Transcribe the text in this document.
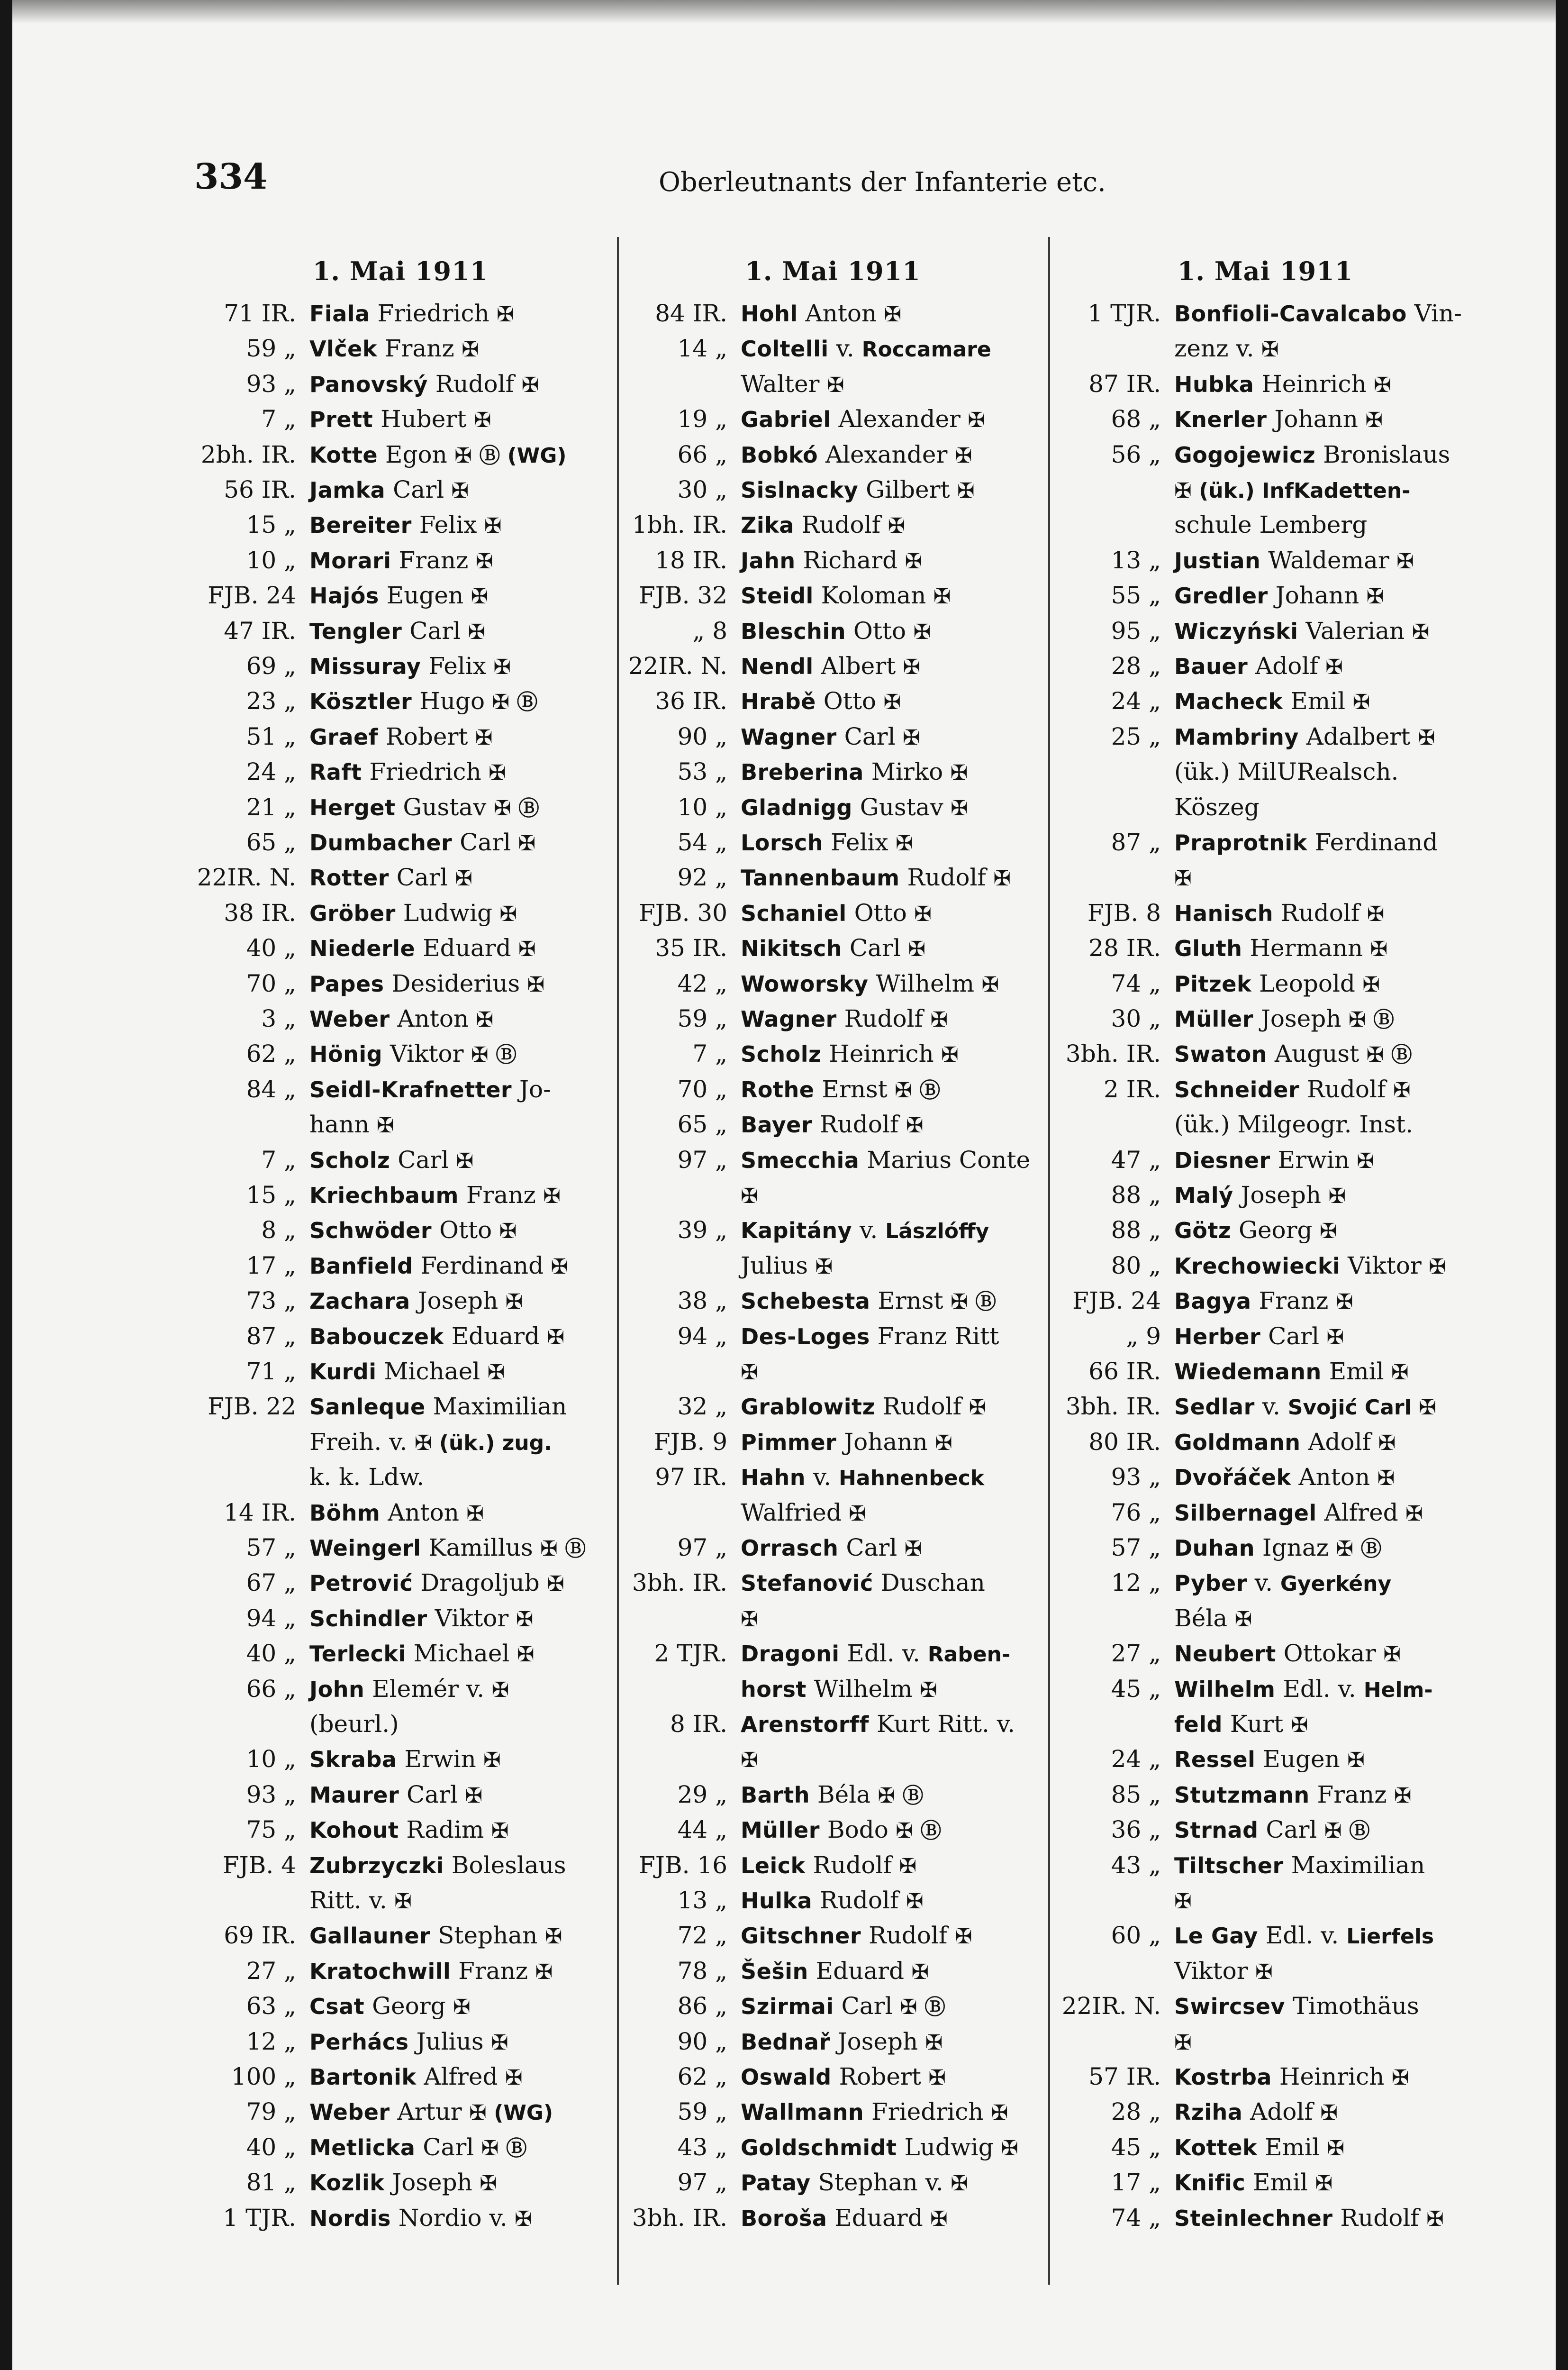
334	Oberleutnants der Infanterie etc.
1. Mai 1911
71 IR. Fiala Friedrich ✠
59 „ Vlček Franz ✠
93 „ Panovský Rudolf ✠
7 „ Prett Hubert ✠
2bh. IR. Kotte Egon ✠ Ⓑ (WG)
56 IR. Jamka Carl ✠
15 „ Bereiter Felix ✠
10 „ Morari Franz ✠
FJB. 24 Hajós Eugen ✠
47 IR. Tengler Carl ✠
69 „ Missuray Felix ✠
23 „ Kösztler Hugo ✠ Ⓑ
51 „ Graef Robert ✠
24 „ Raft Friedrich ✠
21 „ Herget Gustav ✠ Ⓑ
65 „ Dumbacher Carl ✠
22IR. N. Rotter Carl ✠
38 IR. Gröber Ludwig ✠
40 „ Niederle Eduard ✠
70 „ Papes Desiderius ✠
3 „ Weber Anton ✠
62 „ Hönig Viktor ✠ Ⓑ
84 „ Seidl-Krafnetter Jo-
hann ✠
7 „ Scholz Carl ✠
15 „ Kriechbaum Franz ✠
8 „ Schwöder Otto ✠
17 „ Banfield Ferdinand ✠
73 „ Zachara Joseph ✠
87 „ Babouczek Eduard ✠
71 „ Kurdi Michael ✠
FJB. 22 Sanleque Maximilian
Freih. v. ✠ (ük.) zug.
k. k. Ldw.
14 IR. Böhm Anton ✠
57 „ Weingerl Kamillus ✠ Ⓑ
67 „ Petrović Dragoljub ✠
94 „ Schindler Viktor ✠
40 „ Terlecki Michael ✠
66 „ John Elemér v. ✠
(beurl.)
10 „ Skraba Erwin ✠
93 „ Maurer Carl ✠
75 „ Kohout Radim ✠
FJB. 4 Zubrzyczki Boleslaus
Ritt. v. ✠
69 IR. Gallauner Stephan ✠
27 „ Kratochwill Franz ✠
63 „ Csat Georg ✠
12 „ Perhács Julius ✠
100 „ Bartonik Alfred ✠
79 „ Weber Artur ✠ (WG)
40 „ Metlicka Carl ✠ Ⓑ
81 „ Kozlik Joseph ✠
1 TJR. Nordis Nordio v. ✠
1. Mai 1911
84 IR. Hohl Anton ✠
14 „ Coltelli v. Roccamare
Walter ✠
19 „ Gabriel Alexander ✠
66 „ Bobkó Alexander ✠
30 „ Sislnacky Gilbert ✠
1bh. IR. Zika Rudolf ✠
18 IR. Jahn Richard ✠
FJB. 32 Steidl Koloman ✠
„ 8 Bleschin Otto ✠
22IR. N. Nendl Albert ✠
36 IR. Hrabě Otto ✠
90 „ Wagner Carl ✠
53 „ Breberina Mirko ✠
10 „ Gladnigg Gustav ✠
54 „ Lorsch Felix ✠
92 „ Tannenbaum Rudolf ✠
FJB. 30 Schaniel Otto ✠
35 IR. Nikitsch Carl ✠
42 „ Woworsky Wilhelm ✠
59 „ Wagner Rudolf ✠
7 „ Scholz Heinrich ✠
70 „ Rothe Ernst ✠ Ⓑ
65 „ Bayer Rudolf ✠
97 „ Smecchia Marius Conte
✠
39 „ Kapitány v. Lászlóffy
Julius ✠
38 „ Schebesta Ernst ✠ Ⓑ
94 „ Des-Loges Franz Ritt
✠
32 „ Grablowitz Rudolf ✠
FJB. 9 Pimmer Johann ✠
97 IR. Hahn v. Hahnenbeck
Walfried ✠
97 „ Orrasch Carl ✠
3bh. IR. Stefanović Duschan
✠
2 TJR. Dragoni Edl. v. Raben-
horst Wilhelm ✠
8 IR. Arenstorff Kurt Ritt. v.
✠
29 „ Barth Béla ✠ Ⓑ
44 „ Müller Bodo ✠ Ⓑ
FJB. 16 Leick Rudolf ✠
13 „ Hulka Rudolf ✠
72 „ Gitschner Rudolf ✠
78 „ Šešin Eduard ✠
86 „ Szirmai Carl ✠ Ⓑ
90 „ Bednař Joseph ✠
62 „ Oswald Robert ✠
59 „ Wallmann Friedrich ✠
43 „ Goldschmidt Ludwig ✠
97 „ Patay Stephan v. ✠
3bh. IR. Boroša Eduard ✠
1. Mai 1911
1 TJR. Bonfioli-Cavalcabo Vin-
zenz v. ✠
87 IR. Hubka Heinrich ✠
68 „ Knerler Johann ✠
56 „ Gogojewicz Bronislaus
✠ (ük.) InfKadetten-
schule Lemberg
13 „ Justian Waldemar ✠
55 „ Gredler Johann ✠
95 „ Wiczyński Valerian ✠
28 „ Bauer Adolf ✠
24 „ Macheck Emil ✠
25 „ Mambriny Adalbert ✠
(ük.) MilURealsch.
Köszeg
87 „ Praprotnik Ferdinand
✠
FJB. 8 Hanisch Rudolf ✠
28 IR. Gluth Hermann ✠
74 „ Pitzek Leopold ✠
30 „ Müller Joseph ✠ Ⓑ
3bh. IR. Swaton August ✠ Ⓑ
2 IR. Schneider Rudolf ✠
(ük.) Milgeogr. Inst.
47 „ Diesner Erwin ✠
88 „ Malý Joseph ✠
88 „ Götz Georg ✠
80 „ Krechowiecki Viktor ✠
FJB. 24 Bagya Franz ✠
„ 9 Herber Carl ✠
66 IR. Wiedemann Emil ✠
3bh. IR. Sedlar v. Svojić Carl ✠
80 IR. Goldmann Adolf ✠
93 „ Dvořáček Anton ✠
76 „ Silbernagel Alfred ✠
57 „ Duhan Ignaz ✠ Ⓑ
12 „ Pyber v. Gyerkény
Béla ✠
27 „ Neubert Ottokar ✠
45 „ Wilhelm Edl. v. Helm-
feld Kurt ✠
24 „ Ressel Eugen ✠
85 „ Stutzmann Franz ✠
36 „ Strnad Carl ✠ Ⓑ
43 „ Tiltscher Maximilian
✠
60 „ Le Gay Edl. v. Lierfels
Viktor ✠
22IR. N. Swircsev Timothäus
✠
57 IR. Kostrba Heinrich ✠
28 „ Rziha Adolf ✠
45 „ Kottek Emil ✠
17 „ Knific Emil ✠
74 „ Steinlechner Rudolf ✠
